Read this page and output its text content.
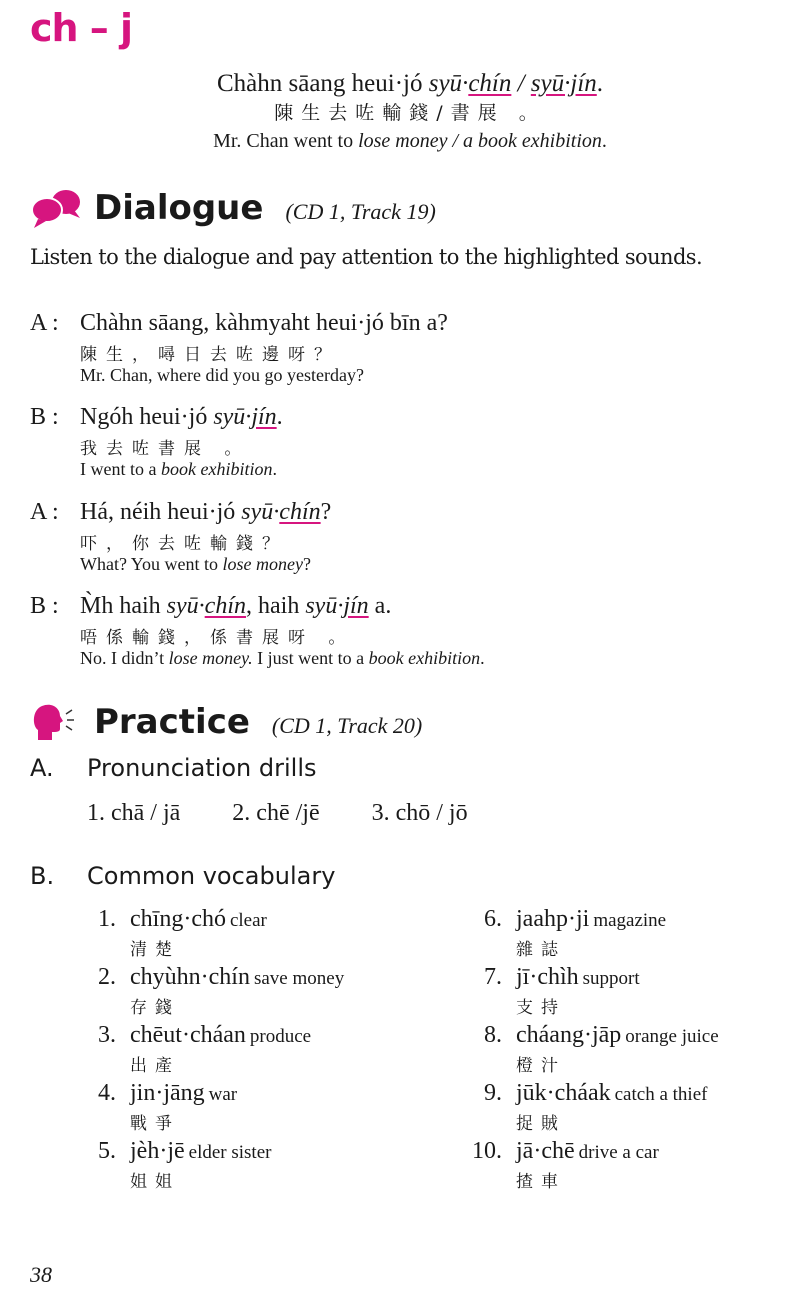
ch – j
Chàhn sāang heui·jó syū·chín / syū·jín.
陳生去咗輸錢/書展 。
Mr. Chan went to lose money / a book exhibition.
Dialogue (CD 1, Track 19)
Listen to the dialogue and pay attention to the highlighted sounds.
Practice (CD 1, Track 20)
A. Pronunciation drills
1. chā / jā 2. chē /jē 3. chō / jō
B. Common vocabulary
38
A : Chàhn sāang, kàhmyaht heui·jó bīn a?
陳生，噚日去咗邊呀？
Mr. Chan, where did you go yesterday?
B : Ngóh heui·jó syū·jín.
我去咗書展 。
I went to a book exhibition.
A : Há, néih heui·jó syū·chín?
吓，你去咗輸錢？
What? You went to lose money?
B : M̀h haih syū·chín, haih syū·jín a.
唔係輸錢，係書展呀 。
No. I didn’t lose money. I just went to a book exhibition.
1. chīng·chó clear
清楚
2. chyùhn·chín save money
存錢
3. chēut·cháan produce
出產
4. jin·jāng war
戰爭
5. jèh·jē elder sister
姐姐
6. jaahp·ji magazine
雜誌
7. jī·chìh support
支持
8. cháang·jāp orange juice
橙汁
9. jūk·cháak catch a thief
捉賊
10. jā·chē drive a car
揸車
